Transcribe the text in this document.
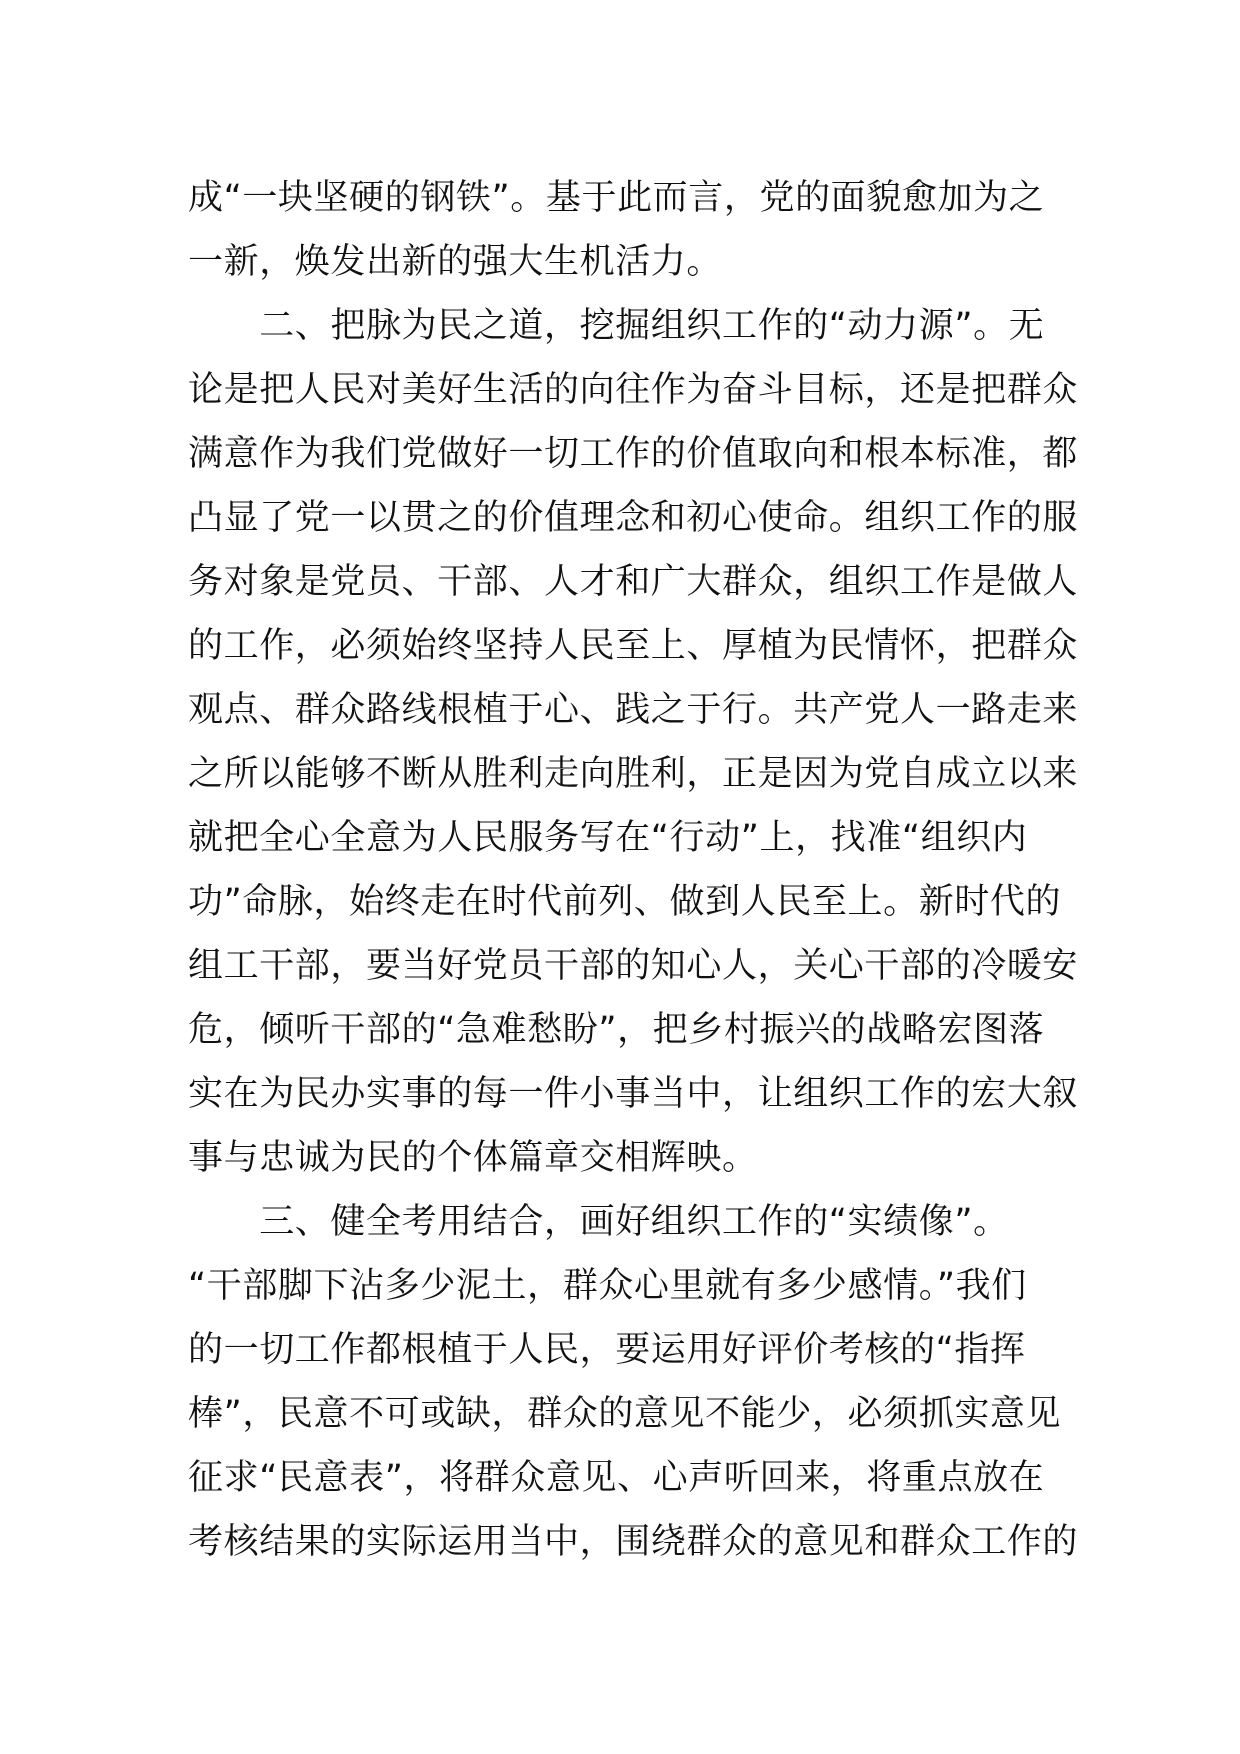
成“一块坚硬的钢铁”。基于此而言，党的面貌愈加为之
一新，焕发出新的强大生机活力。
　　二、把脉为民之道，挖掘组织工作的“动力源”。无
论是把人民对美好生活的向往作为奋斗目标，还是把群众
满意作为我们党做好一切工作的价值取向和根本标准，都
凸显了党一以贯之的价值理念和初心使命。组织工作的服
务对象是党员、干部、人才和广大群众，组织工作是做人
的工作，必须始终坚持人民至上、厚植为民情怀，把群众
观点、群众路线根植于心、践之于行。共产党人一路走来
之所以能够不断从胜利走向胜利，正是因为党自成立以来
就把全心全意为人民服务写在“行动”上，找准“组织内
功”命脉，始终走在时代前列、做到人民至上。新时代的
组工干部，要当好党员干部的知心人，关心干部的冷暖安
危，倾听干部的“急难愁盼”，把乡村振兴的战略宏图落
实在为民办实事的每一件小事当中，让组织工作的宏大叙
事与忠诚为民的个体篇章交相辉映。
　　三、健全考用结合，画好组织工作的“实绩像”。
“干部脚下沾多少泥土，群众心里就有多少感情。”我们
的一切工作都根植于人民，要运用好评价考核的“指挥
棒”，民意不可或缺，群众的意见不能少，必须抓实意见
征求“民意表”，将群众意见、心声听回来，将重点放在
考核结果的实际运用当中，围绕群众的意见和群众工作的
